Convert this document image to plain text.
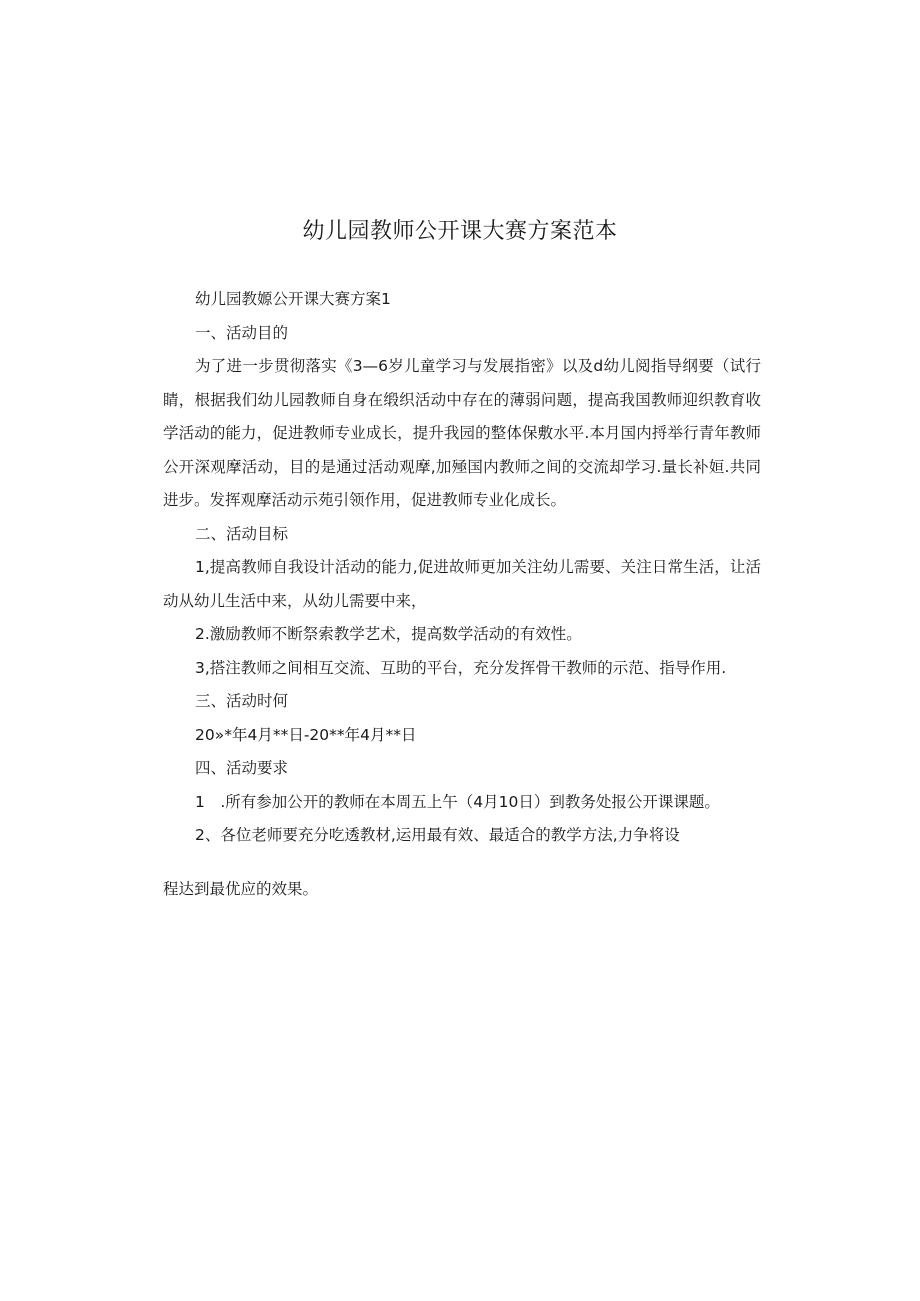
幼儿园教师公开课大赛方案范本
幼儿园教嫄公开课大赛方案1
一、活动目的
为了进一步贯彻落实《3—6岁儿童学习与发展指密》以及d幼儿阅指导纲要（试行
睛，根据我们幼儿园教师自身在缎织活动中存在的薄弱问题，提高我国教师迎织教育收
学活动的能力，促进教师专业成长，提升我园的整体保敷水平.本月国内捋举行青年教师
公开深观摩活动，目的是通过活动观摩,加殛国内教师之间的交流却学习.量长补姮.共同
进步。发挥观摩活动示苑引领作用，促进教师专业化成长。
二、活动目标
1,提高教师自我设计活动的能力,促进故师更加关注幼儿需要、关注日常生活，让活
动从幼儿生活中来，从幼儿需要中来，
2.激励教师不断祭索教学艺术，提高数学活动的有效性。
3,搭注教师之间相互交流、互助的平台，充分发挥骨干教师的示范、指导作用.
三、活动时何
20»*年4月**日-20**年4月**日
四、活动要求
1　.所有参加公开的教师在本周五上午（4月10日）到教务处报公开课课题。
2、各位老师要充分吃透教材,运用最有效、最适合的教学方法,力争将设
程达到最优应的效果。
